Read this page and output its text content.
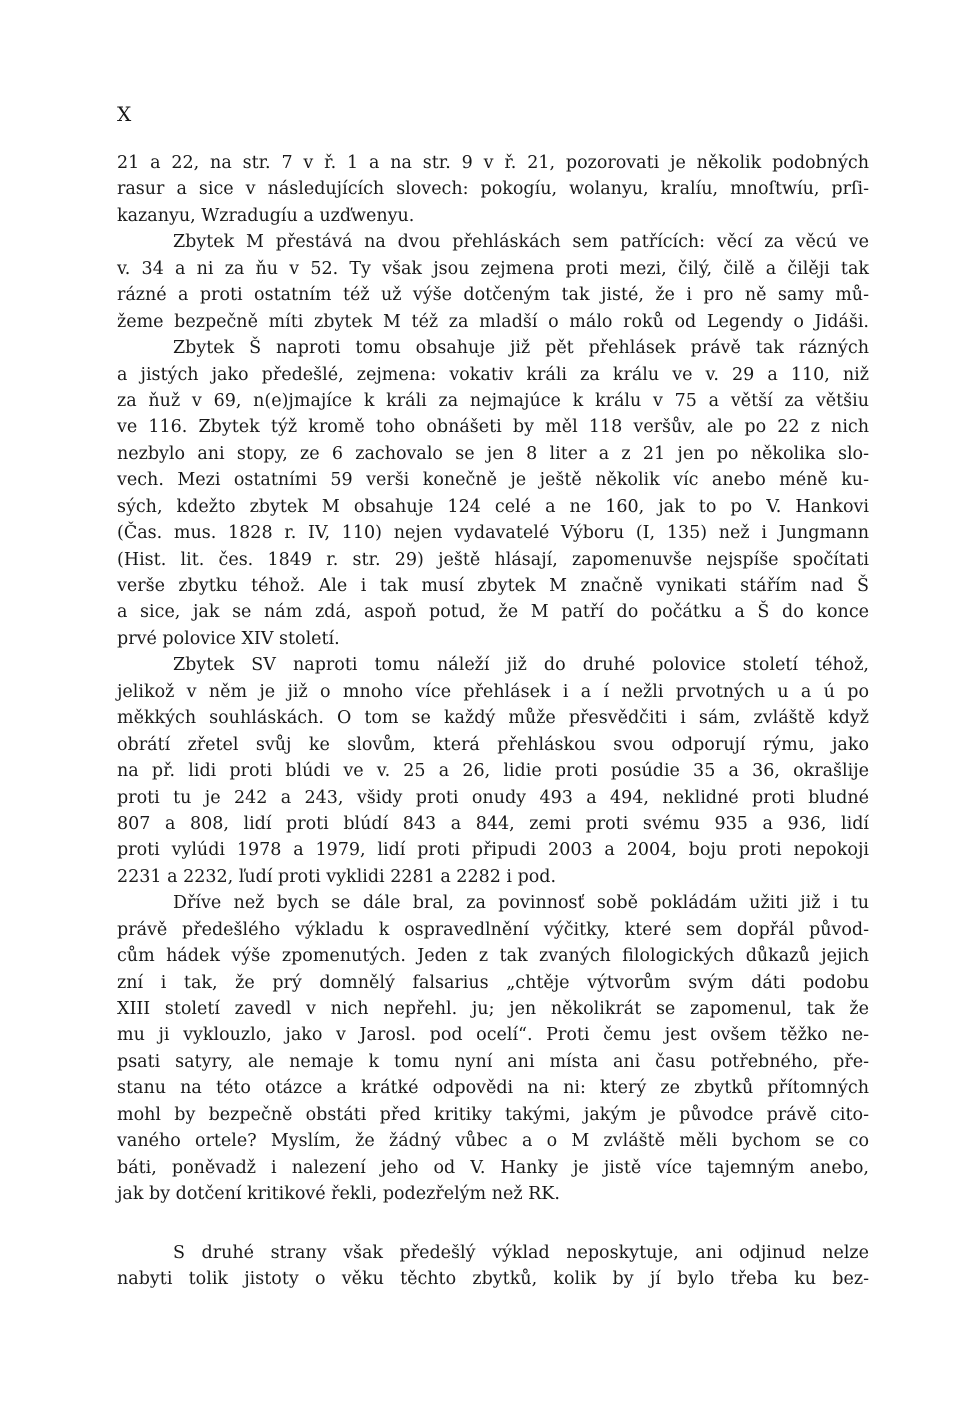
X
21 a 22, na str. 7 v ř. 1 a na str. 9 v ř. 21, pozorovati je několik podobných
rasur a sice v následujících slovech: pokogíu, wolanyu, kralíu, mnoſtwíu, prſi-
kazanyu, Wzradugíu a uzďwenyu.
Zbytek M přestává na dvou přehláskách sem patřících: věcí za věcú ve
v. 34 a ni za ňu v 52. Ty však jsou zejmena proti mezi, čilý, čilě a čilěji tak
rázné a proti ostatním též už výše dotčeným tak jisté, že i pro ně samy mů-
žeme bezpečně míti zbytek M též za mladší o málo roků od Legendy o Jidáši.
Zbytek Š naproti tomu obsahuje již pět přehlásek právě tak rázných
a jistých jako předešlé, zejmena: vokativ králi za králu ve v. 29 a 110, niž
za ňuž v 69, n(e)jmajíce k králi za nejmajúce k králu v 75 a větší za většiu
ve 116. Zbytek týž kromě toho obnášeti by měl 118 veršův, ale po 22 z nich
nezbylo ani stopy, ze 6 zachovalo se jen 8 liter a z 21 jen po několika slo-
vech. Mezi ostatními 59 verši konečně je ještě několik víc anebo méně ku-
sých, kdežto zbytek M obsahuje 124 celé a ne 160, jak to po V. Hankovi
(Čas. mus. 1828 r. IV, 110) nejen vydavatelé Výboru (I, 135) než i Jungmann
(Hist. lit. čes. 1849 r. str. 29) ještě hlásají, zapomenuvše nejspíše spočítati
verše zbytku téhož. Ale i tak musí zbytek M značně vynikati stářím nad Š
a sice, jak se nám zdá, aspoň potud, že M patří do počátku a Š do konce
prvé polovice XIV století.
Zbytek SV naproti tomu náleží již do druhé polovice století téhož,
jelikož v něm je již o mnoho více přehlásek i a í nežli prvotných u a ú po
měkkých souhláskách. O tom se každý může přesvědčiti i sám, zvláště když
obrátí zřetel svůj ke slovům, která přehláskou svou odporují rýmu, jako
na př. lidi proti blúdi ve v. 25 a 26, lidie proti posúdie 35 a 36, okrašlije
proti tu je 242 a 243, všidy proti onudy 493 a 494, neklidné proti bludné
807 a 808, lidí proti blúdí 843 a 844, zemi proti svému 935 a 936, lidí
proti vylúdi 1978 a 1979, lidí proti připudi 2003 a 2004, boju proti nepokoji
2231 a 2232, ľudí proti vyklidi 2281 a 2282 i pod.
Dříve než bych se dále bral, za povinnosť sobě pokládám užiti již i tu
právě předešlého výkladu k ospravedlnění výčitky, které sem dopřál původ-
cům hádek výše zpomenutých. Jeden z tak zvaných filologických důkazů jejich
zní i tak, že prý domnělý falsarius „chtěje výtvorům svým dáti podobu
XIII století zavedl v nich nepřehl. ju; jen několikrát se zapomenul, tak že
mu ji vyklouzlo, jako v Jarosl. pod ocelí“. Proti čemu jest ovšem těžko ne-
psati satyry, ale nemaje k tomu nyní ani místa ani času potřebného, pře-
stanu na této otázce a krátké odpovědi na ni: který ze zbytků přítomných
mohl by bezpečně obstáti před kritiky takými, jakým je původce právě cito-
vaného ortele? Myslím, že žádný vůbec a o M zvláště měli bychom se co
báti, poněvadž i nalezení jeho od V. Hanky je jistě více tajemným anebo,
jak by dotčení kritikové řekli, podezřelým než RK.
S druhé strany však předešlý výklad neposkytuje, ani odjinud nelze
nabyti tolik jistoty o věku těchto zbytků, kolik by jí bylo třeba ku bez-
